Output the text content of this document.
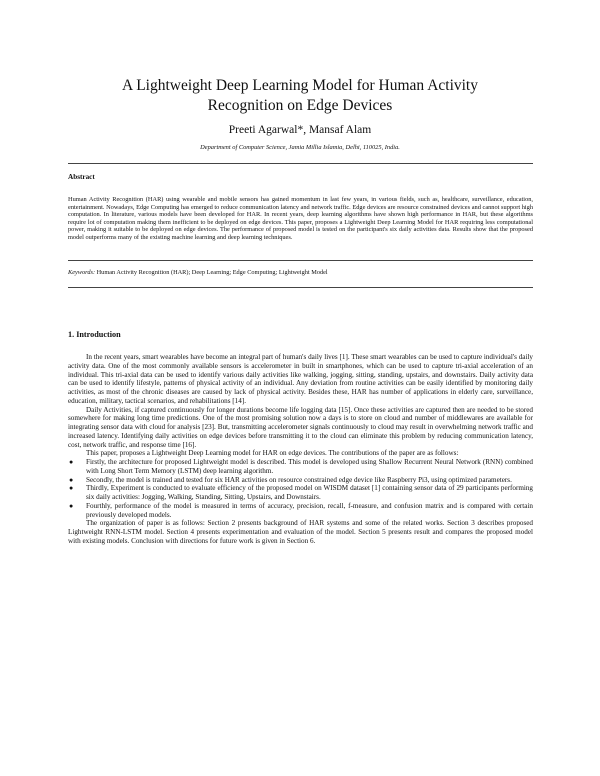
A Lightweight Deep Learning Model for Human Activity
Recognition on Edge Devices
Preeti Agarwal*, Mansaf Alam
Department of Computer Science, Jamia Millia Islamia, Delhi, 110025, India.
Abstract

Human Activity Recognition (HAR) using wearable and mobile sensors has gained momentum in last few years, in various fields, such as, healthcare, surveillance, education, entertainment. Nowadays, Edge Computing has emerged to reduce communication latency and network traffic. Edge devices are resource constrained devices and cannot support high computation. In literature, various models have been developed for HAR. In recent years, deep learning algorithms have shown high performance in HAR, but these algorithms require lot of computation making them inefficient to be deployed on edge devices. This paper, proposes a Lightweight Deep Learning Model for HAR requiring less computational power, making it suitable to be deployed on edge devices. The performance of proposed model is tested on the participant's six daily activities data. Results show that the proposed model outperforms many of the existing machine learning and deep learning techniques.

Keywords: Human Activity Recognition (HAR); Deep Learning; Edge Computing; Lightweight Model
1. Introduction

In the recent years, smart wearables have become an integral part of human's daily lives [1]. These smart wearables can be used to capture individual's daily activity data. One of the most commonly available sensors is accelerometer in built in smartphones, which can be used to capture tri-axial acceleration of an individual. This tri-axial data can be used to identify various daily activities like walking, jogging, sitting, standing, upstairs, and downstairs. Daily activity data can be used to identify lifestyle, patterns of physical activity of an individual. Any deviation from routine activities can be easily identified by monitoring daily activities, as most of the chronic diseases are caused by lack of physical activity. Besides these, HAR has number of applications in elderly care, surveillance, education, military, tactical scenarios, and rehabilitations [14].

Daily Activities, if captured continuously for longer durations become life logging data [15]. Once these activities are captured then are needed to be stored somewhere for making long time predictions. One of the most promising solution now a days is to store on cloud and number of middlewares are available for integrating sensor data with cloud for analysis [23]. But, transmitting accelerometer signals continuously to cloud may result in overwhelming network traffic and increased latency. Identifying daily activities on edge devices before transmitting it to the cloud can eliminate this problem by reducing communication latency, cost, network traffic, and response time [16].

This paper, proposes a Lightweight Deep Learning model for HAR on edge devices. The contributions of the paper are as follows:

● Firstly, the architecture for proposed Lightweight model is described. This model is developed using Shallow Recurrent Neural Network (RNN) combined with Long Short Term Memory (LSTM) deep learning algorithm.
● Secondly, the model is trained and tested for six HAR activities on resource constrained edge device like Raspberry Pi3, using optimized parameters.
● Thirdly, Experiment is conducted to evaluate efficiency of the proposed model on WISDM dataset [1] containing sensor data of 29 participants performing six daily activities: Jogging, Walking, Standing, Sitting, Upstairs, and Downstairs.
● Fourthly, performance of the model is measured in terms of accuracy, precision, recall, f-measure, and confusion matrix and is compared with certain previously developed models.

The organization of paper is as follows: Section 2 presents background of HAR systems and some of the related works. Section 3 describes proposed Lightweight RNN-LSTM model. Section 4 presents experimentation and evaluation of the model. Section 5 presents result and compares the proposed model with existing models. Conclusion with directions for future work is given in Section 6.
